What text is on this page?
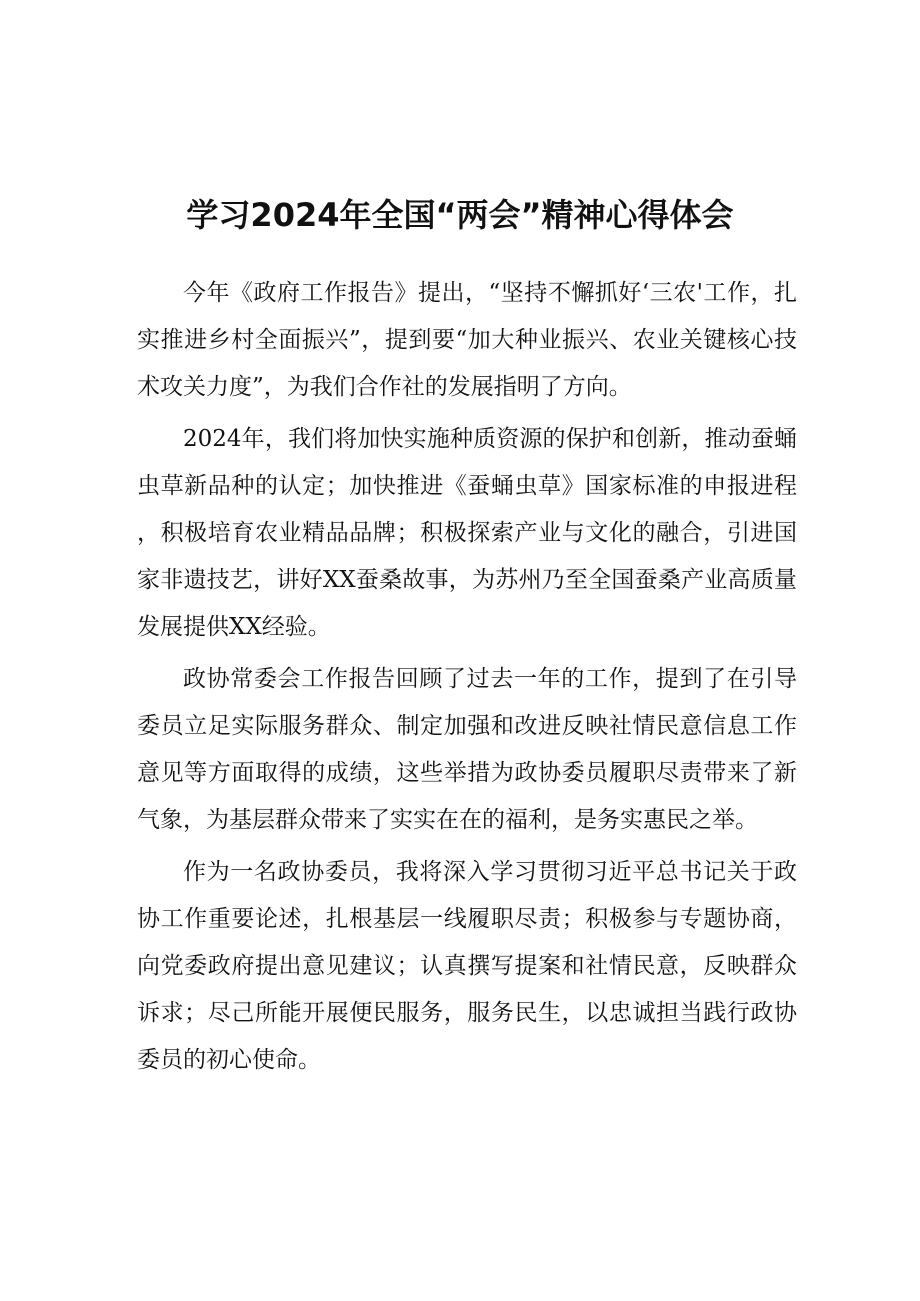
学习2024年全国“两会”精神心得体会

今年《政府工作报告》提出，“坚持不懈抓好‘三农'工作，扎实推进乡村全面振兴”，提到要“加大种业振兴、农业关键核心技术攻关力度”，为我们合作社的发展指明了方向。

2024年，我们将加快实施种质资源的保护和创新，推动蚕蛹虫草新品种的认定；加快推进《蚕蛹虫草》国家标准的申报进程，积极培育农业精品品牌；积极探索产业与文化的融合，引进国家非遗技艺，讲好XX蚕桑故事，为苏州乃至全国蚕桑产业高质量发展提供XX经验。

政协常委会工作报告回顾了过去一年的工作，提到了在引导委员立足实际服务群众、制定加强和改进反映社情民意信息工作意见等方面取得的成绩，这些举措为政协委员履职尽责带来了新气象，为基层群众带来了实实在在的福利，是务实惠民之举。

作为一名政协委员，我将深入学习贯彻习近平总书记关于政协工作重要论述，扎根基层一线履职尽责；积极参与专题协商，向党委政府提出意见建议；认真撰写提案和社情民意，反映群众诉求；尽己所能开展便民服务，服务民生，以忠诚担当践行政协委员的初心使命。
